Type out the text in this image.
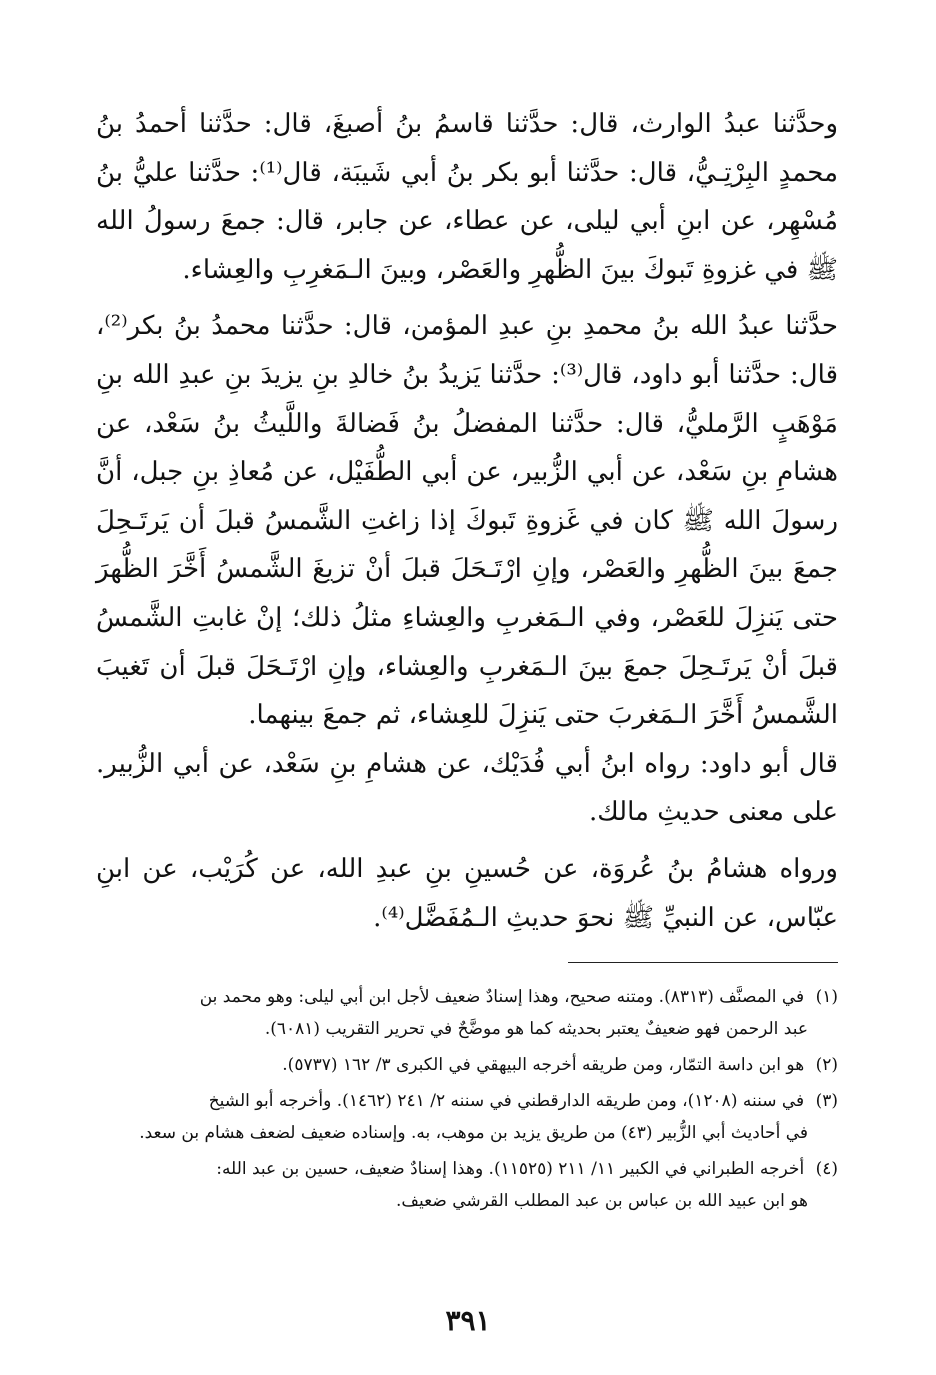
وحدَّثنا عبدُ الوارث، قال: حدَّثنا قاسمُ بنُ أصبغَ، قال: حدَّثنا أحمدُ بنُ محمدٍ البِرْتِـيُّ، قال: حدَّثنا أبو بكر بنُ أبي شَيبَة، قال⁽¹⁾: حدَّثنا عليُّ بنُ مُسْهِر، عن ابنِ أبي ليلى، عن عطاء، عن جابر، قال: جمعَ رسولُ الله ﷺ في غزوةِ تَبوكَ بينَ الظُّهرِ والعَصْر، وبينَ الـمَغرِبِ والعِشاء.

حدَّثنا عبدُ الله بنُ محمدِ بنِ عبدِ المؤمن، قال: حدَّثنا محمدُ بنُ بكر⁽²⁾، قال: حدَّثنا أبو داود، قال⁽³⁾: حدَّثنا يَزيدُ بنُ خالدِ بنِ يزيدَ بنِ عبدِ الله بنِ مَوْهَبٍ الرَّمليُّ، قال: حدَّثنا المفضلُ بنُ فَضالةَ واللَّيثُ بنُ سَعْد، عن هشامِ بنِ سَعْد، عن أبي الزُّبير، عن أبي الطُّفَيْل، عن مُعاذِ بنِ جبل، أنَّ رسولَ الله ﷺ كان في غَزوةِ تَبوكَ إذا زاغتِ الشَّمسُ قبلَ أن يَرتَـحِلَ جمعَ بينَ الظُّهرِ والعَصْر، وإنِ ارْتَـحَلَ قبلَ أنْ تزيغَ الشَّمسُ أَخَّرَ الظُّهرَ حتى يَنزِلَ للعَصْر، وفي الـمَغربِ والعِشاءِ مثلُ ذلك؛ إنْ غابتِ الشَّمسُ قبلَ أنْ يَرتَـحِلَ جمعَ بينَ الـمَغربِ والعِشاء، وإنِ ارْتَـحَلَ قبلَ أن تَغيبَ الشَّمسُ أَخَّرَ الـمَغربَ حتى يَنزِلَ للعِشاء، ثم جمعَ بينهما.

قال أبو داود: رواه ابنُ أبي فُدَيْك، عن هشامِ بنِ سَعْد، عن أبي الزُّبير. على معنى حديثِ مالك.

ورواه هشامُ بنُ عُروَة، عن حُسينِ بنِ عبدِ الله، عن كُرَيْب، عن ابنِ عبّاس، عن النبيِّ ﷺ نحوَ حديثِ الـمُفَضَّل⁽⁴⁾.

(١) في المصنَّف (٨٣١٣). ومتنه صحيح، وهذا إسنادٌ ضعيف لأجل ابن أبي ليلى: وهو محمد بن
عبد الرحمن فهو ضعيفٌ يعتبر بحديثه كما هو موضَّحٌ في تحرير التقريب (٦٠٨١).

(٢) هو ابن داسة التمّار، ومن طريقه أخرجه البيهقي في الكبرى ٣/ ١٦٢ (٥٧٣٧).

(٣) في سننه (١٢٠٨)، ومن طريقه الدارقطني في سننه ٢/ ٢٤١ (١٤٦٢). وأخرجه أبو الشيخ
في أحاديث أبي الزُّبير (٤٣) من طريق يزيد بن موهب، به. وإسناده ضعيف لضعف هشام بن سعد.

(٤) أخرجه الطبراني في الكبير ١١/ ٢١١ (١١٥٢٥). وهذا إسنادٌ ضعيف، حسين بن عبد الله:
هو ابن عبيد الله بن عباس بن عبد المطلب القرشي ضعيف.

٣٩١
